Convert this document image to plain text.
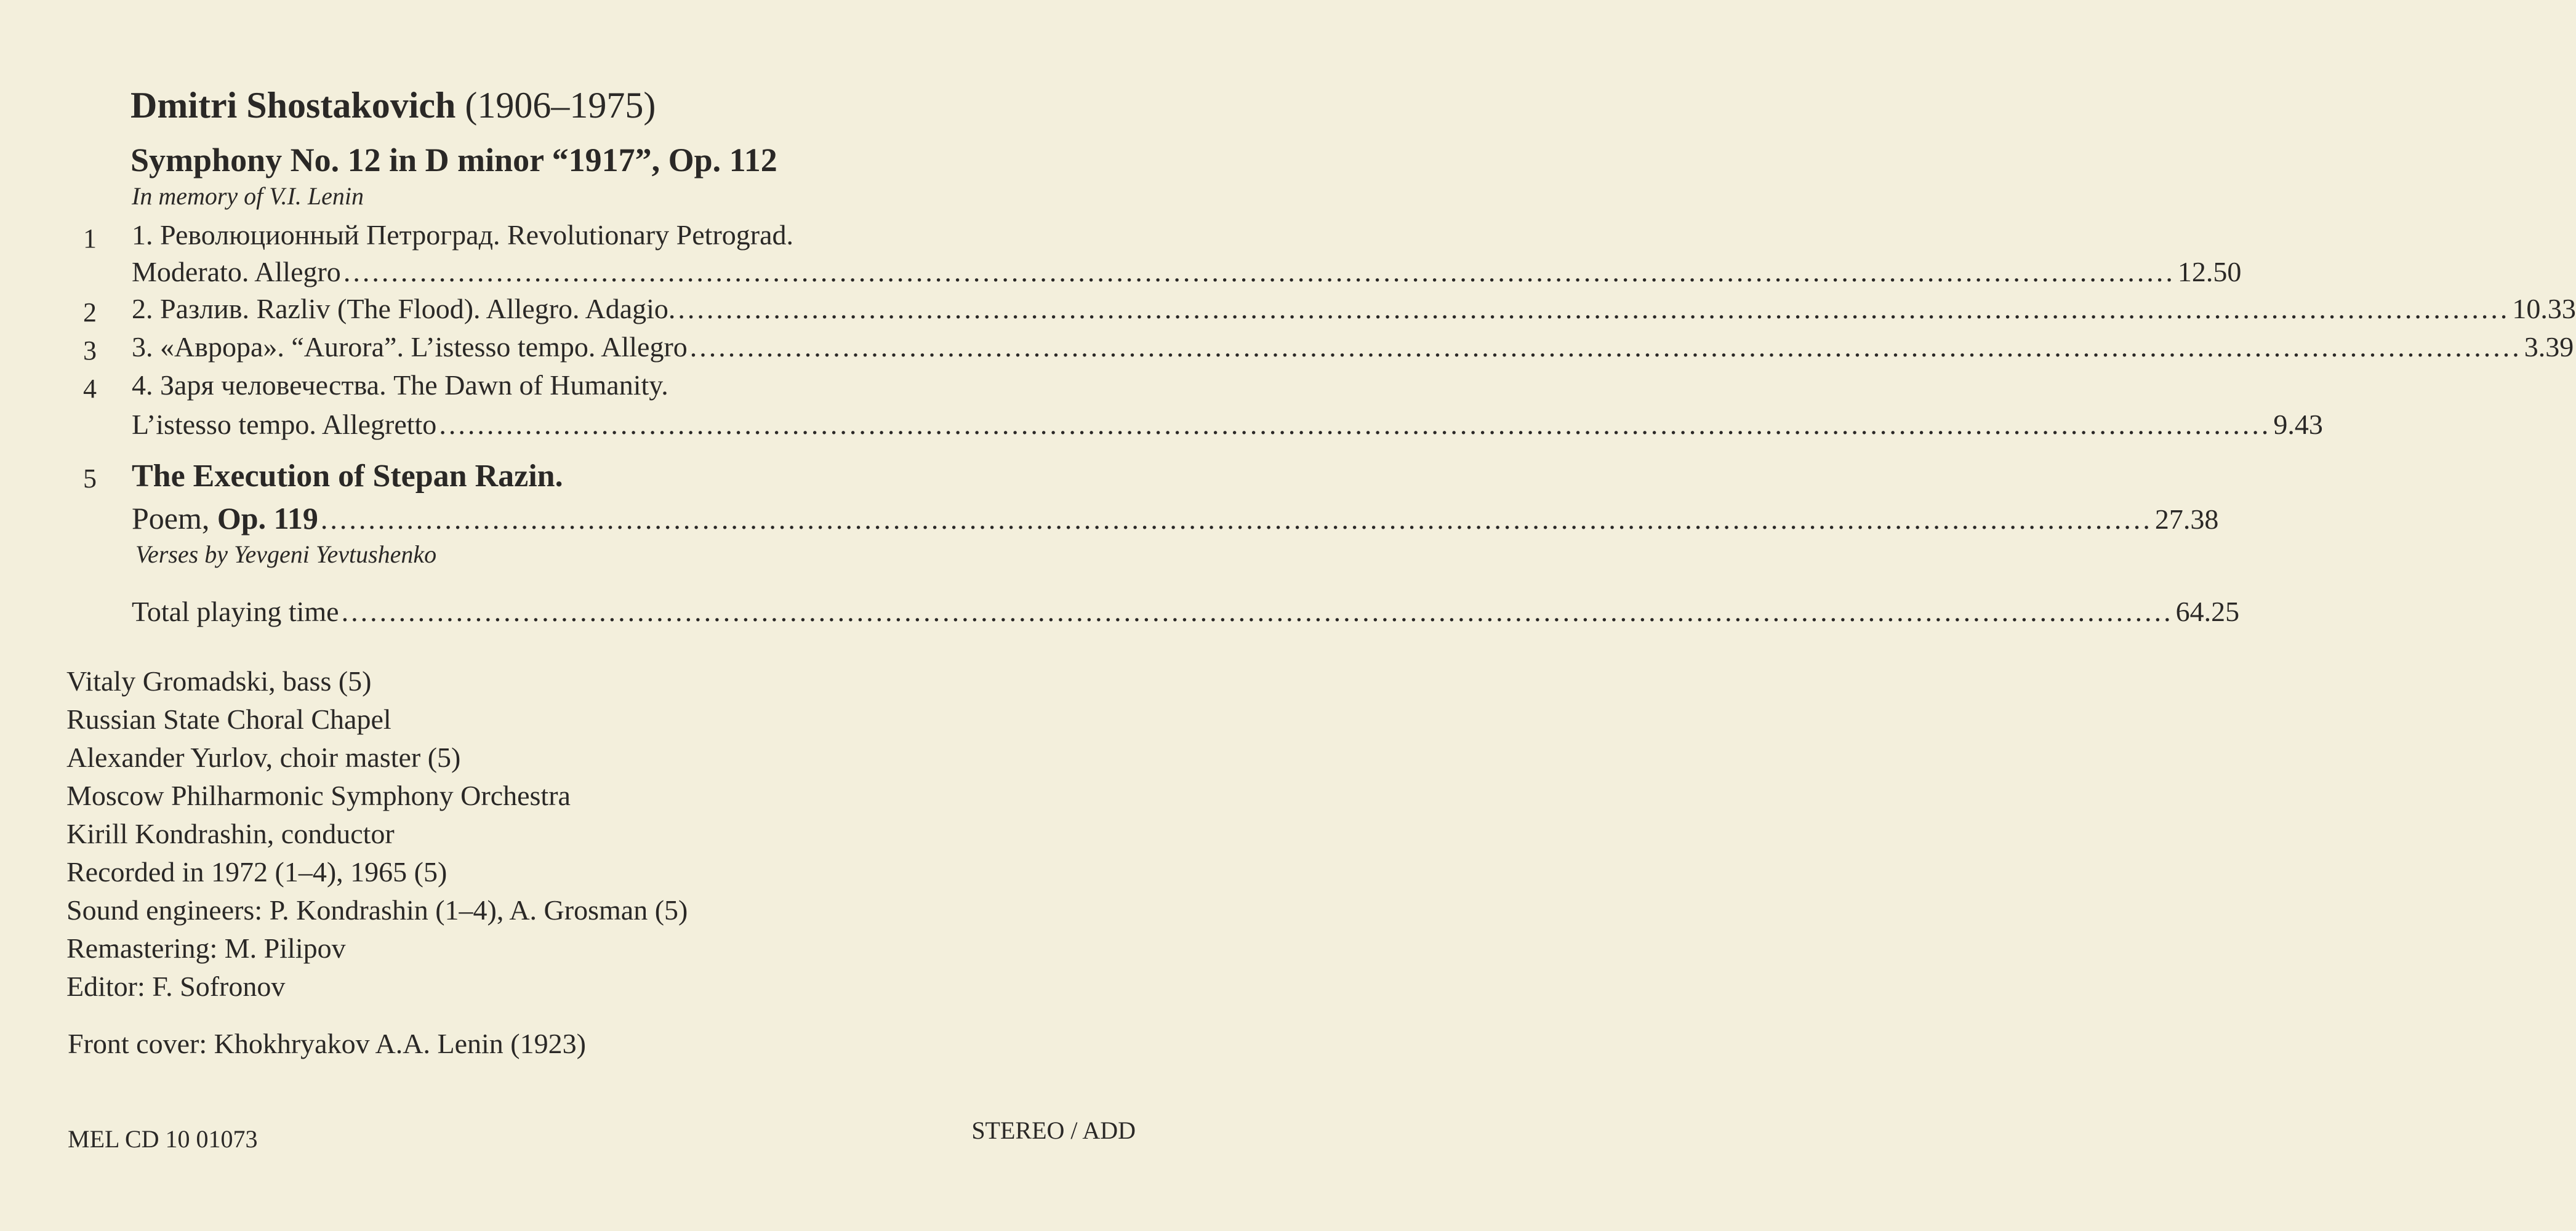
Dmitri Shostakovich (1906–1975)
Symphony No. 12 in D minor “1917”, Op. 112
In memory of V.I. Lenin
1 1. Революционный Петроград. Revolutionary Petrograd.
Moderato. Allegro ................................................................................................................................................................................................ 12.50
2 2. Разлив. Razliv (The Flood). Allegro. Adagio. ................................................................................................................................................................................................ 10.33
3 3. «Аврора». “Aurora”. L’istesso tempo. Allegro ................................................................................................................................................................................................ 3.39
4 4. Заря человечества. The Dawn of Humanity.
L’istesso tempo. Allegretto ................................................................................................................................................................................................ 9.43
5 The Execution of Stepan Razin.
Poem, Op. 119 ................................................................................................................................................................................................ 27.38
Verses by Yevgeni Yevtushenko
Total playing time ................................................................................................................................................................................................ 64.25
Vitaly Gromadski, bass (5)
Russian State Choral Chapel
Alexander Yurlov, choir master (5)
Moscow Philharmonic Symphony Orchestra
Kirill Kondrashin, conductor
Recorded in 1972 (1–4), 1965 (5)
Sound engineers: P. Kondrashin (1–4), A. Grosman (5)
Remastering: M. Pilipov
Editor: F. Sofronov
Front cover: Khokhryakov A.A. Lenin (1923)
MEL CD 10 01073	STEREO / ADD
